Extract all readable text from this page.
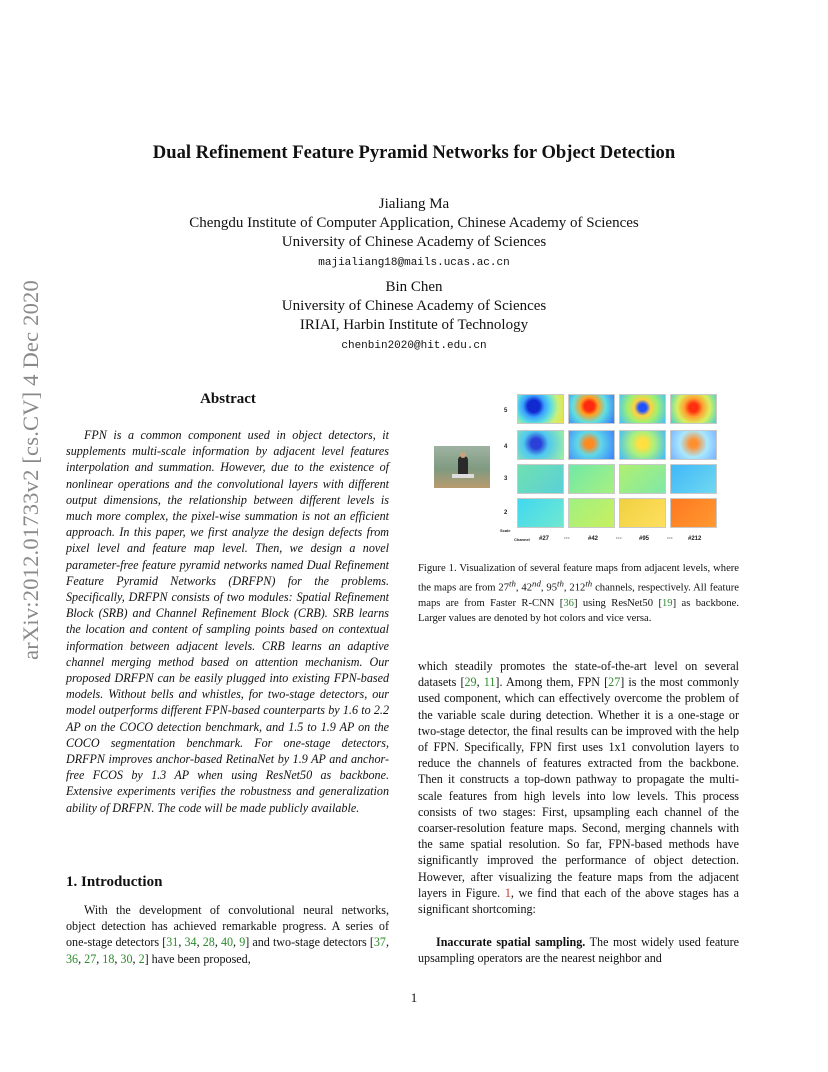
arXiv:2012.01733v2 [cs.CV] 4 Dec 2020
Dual Refinement Feature Pyramid Networks for Object Detection
Jialiang Ma
Chengdu Institute of Computer Application, Chinese Academy of Sciences
University of Chinese Academy of Sciences
majialiang18@mails.ucas.ac.cn
Bin Chen
University of Chinese Academy of Sciences
IRIAI, Harbin Institute of Technology
chenbin2020@hit.edu.cn
Abstract
FPN is a common component used in object detectors, it supplements multi-scale information by adjacent level features interpolation and summation. However, due to the existence of nonlinear operations and the convolutional layers with different output dimensions, the relationship between different levels is much more complex, the pixel-wise summation is not an efficient approach. In this paper, we first analyze the design defects from pixel level and feature map level. Then, we design a novel parameter-free feature pyramid networks named Dual Refinement Feature Pyramid Networks (DRFPN) for the problems. Specifically, DRFPN consists of two modules: Spatial Refinement Block (SRB) and Channel Refinement Block (CRB). SRB learns the location and content of sampling points based on contextual information between adjacent levels. CRB learns an adaptive channel merging method based on attention mechanism. Our proposed DRFPN can be easily plugged into existing FPN-based models. Without bells and whistles, for two-stage detectors, our model outperforms different FPN-based counterparts by 1.6 to 2.2 AP on the COCO detection benchmark, and 1.5 to 1.9 AP on the COCO segmentation benchmark. For one-stage detectors, DRFPN improves anchor-based RetinaNet by 1.9 AP and anchor-free FCOS by 1.3 AP when using ResNet50 as backbone. Extensive experiments verifies the robustness and generalization ability of DRFPN. The code will be made publicly available.
1. Introduction
With the development of convolutional neural networks, object detection has achieved remarkable progress. A series of one-stage detectors [31, 34, 28, 40, 9] and two-stage detectors [37, 36, 27, 18, 30, 2] have been proposed,
5
4
3
2
Scale
Channel #27 ···	#42	···	#95	···	#212
Figure 1. Visualization of several feature maps from adjacent levels, where the maps are from 27th, 42nd, 95th, 212th channels, respectively. All feature maps are from Faster R-CNN [36] using ResNet50 [19] as backbone. Larger values are denoted by hot colors and vice versa.
which steadily promotes the state-of-the-art level on several datasets [29, 11]. Among them, FPN [27] is the most commonly used component, which can effectively overcome the problem of the variable scale during detection. Whether it is a one-stage or two-stage detector, the final results can be improved with the help of FPN. Specifically, FPN first uses 1x1 convolution layers to reduce the channels of features extracted from the backbone. Then it constructs a top-down pathway to propagate the multi-scale features from high levels into low levels. This process consists of two stages: First, upsampling each channel of the coarser-resolution feature maps. Second, merging channels with the same spatial resolution. So far, FPN-based methods have significantly improved the performance of object detection. However, after visualizing the feature maps from the adjacent layers in Figure. 1, we find that each of the above stages has a significant shortcoming:
Inaccurate spatial sampling. The most widely used feature upsampling operators are the nearest neighbor and
1
